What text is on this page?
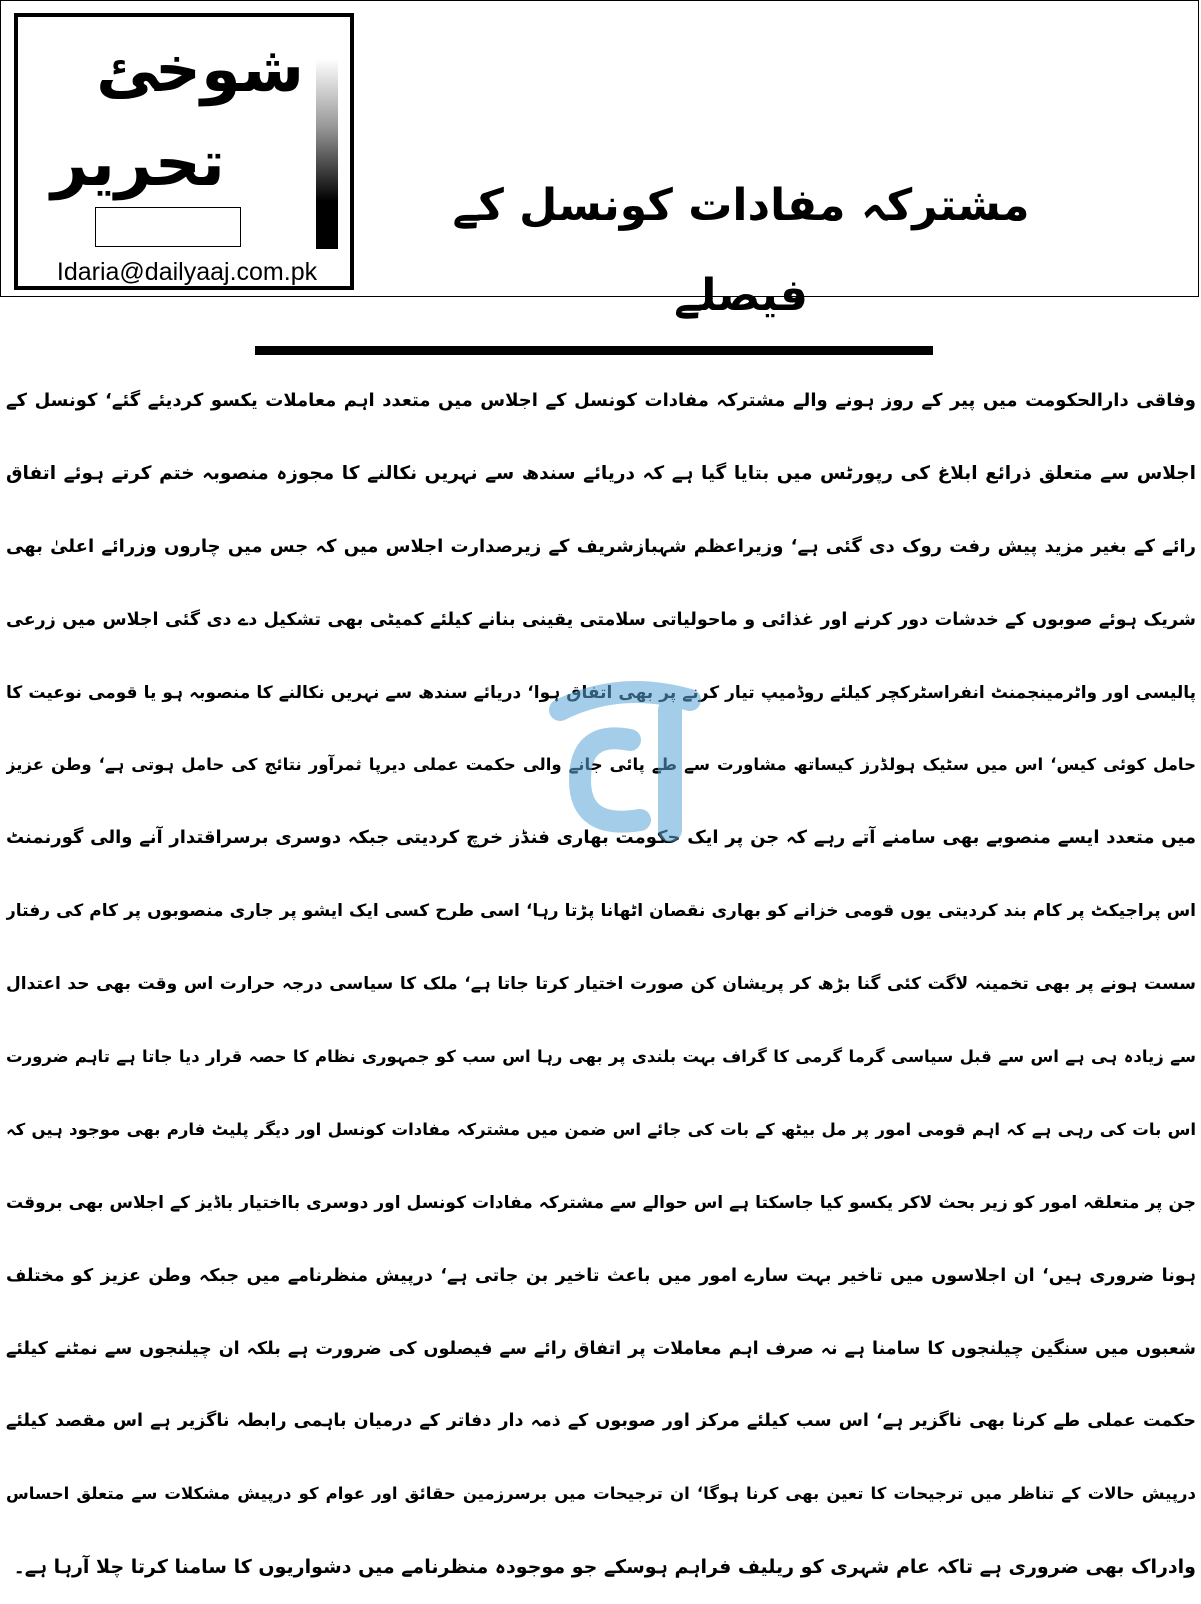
شوخئ
تحریر
Idaria@dailyaaj.com.pk
مشترکہ مفادات کونسل کے فیصلے
وفاقی دارالحکومت میں پیر کے روز ہونے والے مشترکہ مفادات کونسل کے اجلاس میں متعدد اہم معاملات یکسو کردیئے گئے‘ کونسل کے
اجلاس سے متعلق ذرائع ابلاغ کی رپورٹس میں بتایا گیا ہے کہ دریائے سندھ سے نہریں نکالنے کا مجوزہ منصوبہ ختم کرتے ہوئے اتفاق
رائے کے بغیر مزید پیش رفت روک دی گئی ہے‘ وزیراعظم شہبازشریف کے زیرصدارت اجلاس میں کہ جس میں چاروں وزرائے اعلیٰ بھی
شریک ہوئے صوبوں کے خدشات دور کرنے اور غذائی و ماحولیاتی سلامتی یقینی بنانے کیلئے کمیٹی بھی تشکیل دے دی گئی اجلاس میں زرعی
پالیسی اور واٹرمینجمنٹ انفراسٹرکچر کیلئے روڈمیپ تیار کرنے پر بھی اتفاق ہوا‘ دریائے سندھ سے نہریں نکالنے کا منصوبہ ہو یا قومی نوعیت کا
حامل کوئی کیس‘ اس میں سٹیک ہولڈرز کیساتھ مشاورت سے طے پائی جانے والی حکمت عملی دیرپا ثمرآور نتائج کی حامل ہوتی ہے‘ وطن عزیز
میں متعدد ایسے منصوبے بھی سامنے آتے رہے کہ جن پر ایک حکومت بھاری فنڈز خرچ کردیتی جبکہ دوسری برسراقتدار آنے والی گورنمنٹ
اس پراجیکٹ پر کام بند کردیتی یوں قومی خزانے کو بھاری نقصان اٹھانا پڑتا رہا‘ اسی طرح کسی ایک ایشو پر جاری منصوبوں پر کام کی رفتار
سست ہونے پر بھی تخمینہ لاگت کئی گنا بڑھ کر پریشان کن صورت اختیار کرتا جاتا ہے‘ ملک کا سیاسی درجہ حرارت اس وقت بھی حد اعتدال
سے زیادہ ہی ہے اس سے قبل سیاسی گرما گرمی کا گراف بہت بلندی پر بھی رہا اس سب کو جمہوری نظام کا حصہ قرار دیا جاتا ہے تاہم ضرورت
اس بات کی رہی ہے کہ اہم قومی امور پر مل بیٹھ کے بات کی جائے اس ضمن میں مشترکہ مفادات کونسل اور دیگر پلیٹ فارم بھی موجود ہیں کہ
جن پر متعلقہ امور کو زیر بحث لاکر یکسو کیا جاسکتا ہے اس حوالے سے مشترکہ مفادات کونسل اور دوسری بااختیار باڈیز کے اجلاس بھی بروقت
ہونا ضروری ہیں‘ ان اجلاسوں میں تاخیر بہت سارے امور میں باعث تاخیر بن جاتی ہے‘ درپیش منظرنامے میں جبکہ وطن عزیز کو مختلف
شعبوں میں سنگین چیلنجوں کا سامنا ہے نہ صرف اہم معاملات پر اتفاق رائے سے فیصلوں کی ضرورت ہے بلکہ ان چیلنجوں سے نمٹنے کیلئے
حکمت عملی طے کرنا بھی ناگزیر ہے‘ اس سب کیلئے مرکز اور صوبوں کے ذمہ دار دفاتر کے درمیان باہمی رابطہ ناگزیر ہے اس مقصد کیلئے
درپیش حالات کے تناظر میں ترجیحات کا تعین بھی کرنا ہوگا‘ ان ترجیحات میں برسرزمین حقائق اور عوام کو درپیش مشکلات سے متعلق احساس
وادراک بھی ضروری ہے تاکہ عام شہری کو ریلیف فراہم ہوسکے جو موجودہ منظرنامے میں دشواریوں کا سامنا کرتا چلا آرہا ہے۔
